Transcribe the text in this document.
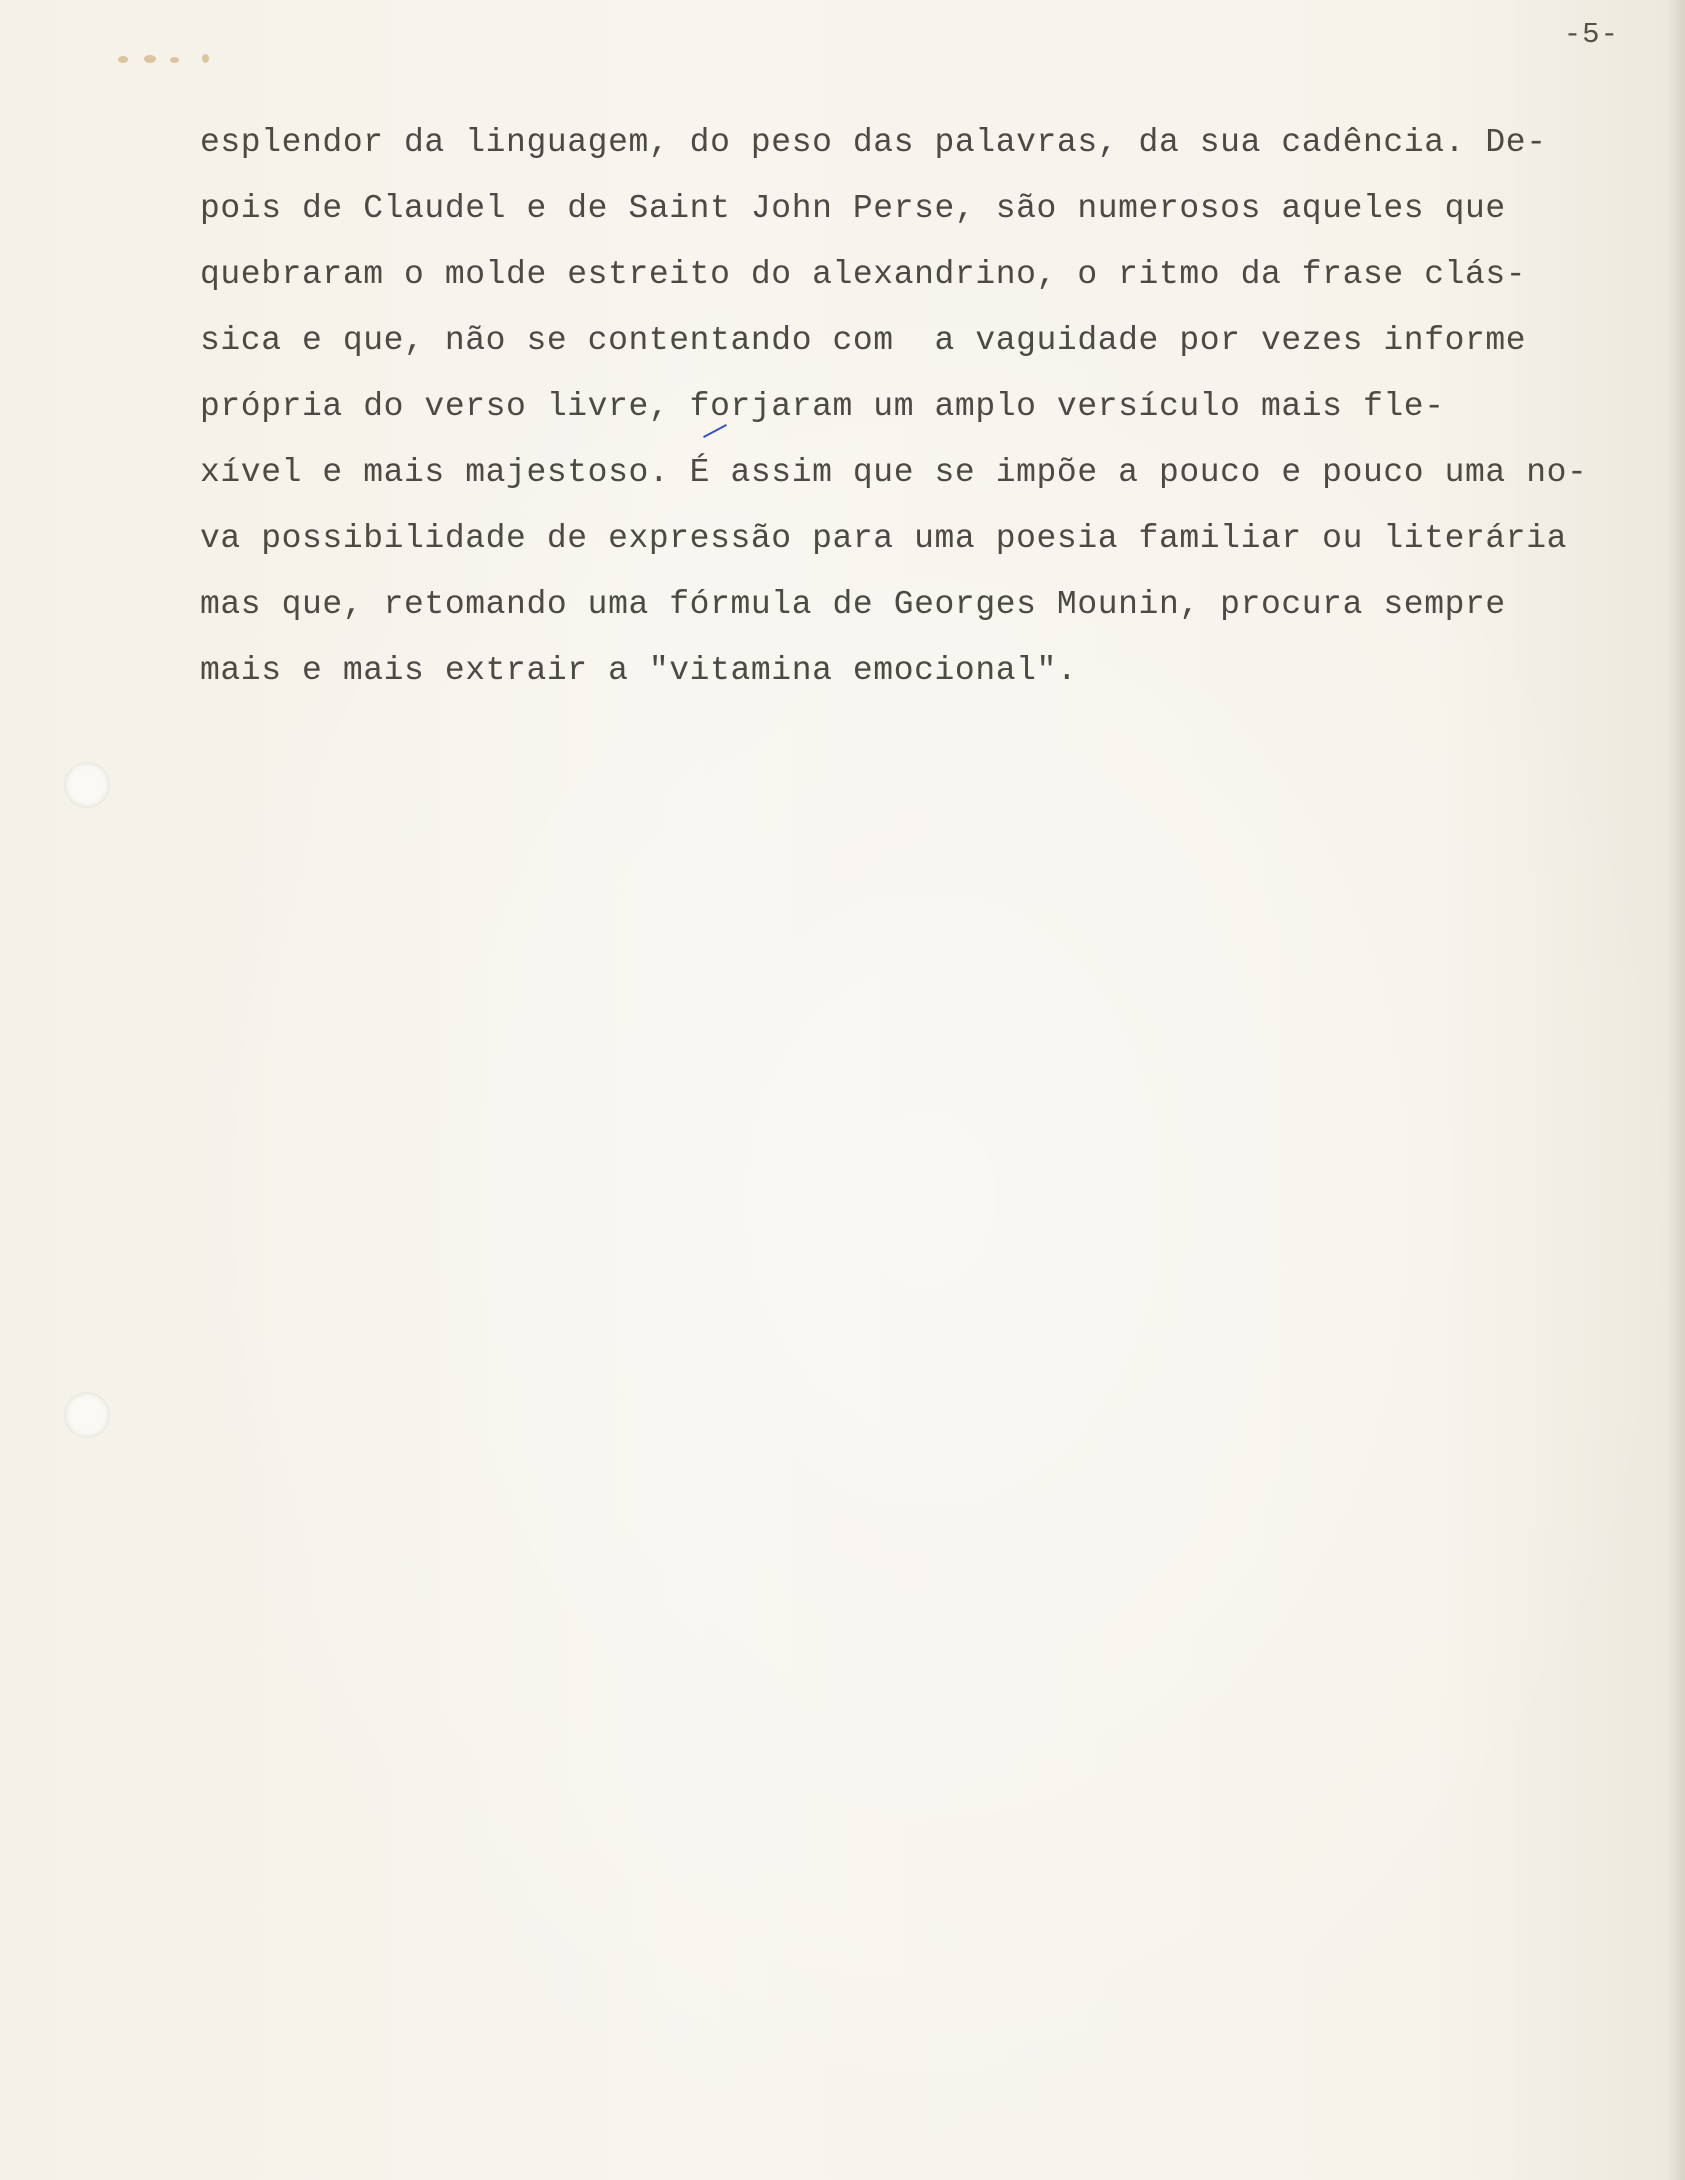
-5-
esplendor da linguagem, do peso das palavras, da sua cadência. De-
pois de Claudel e de Saint John Perse, são numerosos aqueles que
quebraram o molde estreito do alexandrino, o ritmo da frase clás-
sica e que, não se contentando com  a vaguidade por vezes informe
própria do verso livre, forjaram um amplo versículo mais fle-
xível e mais majestoso. É assim que se impõe a pouco e pouco uma no-
va possibilidade de expressão para uma poesia familiar ou literária
mas que, retomando uma fórmula de Georges Mounin, procura sempre
mais e mais extrair a "vitamina emocional".
